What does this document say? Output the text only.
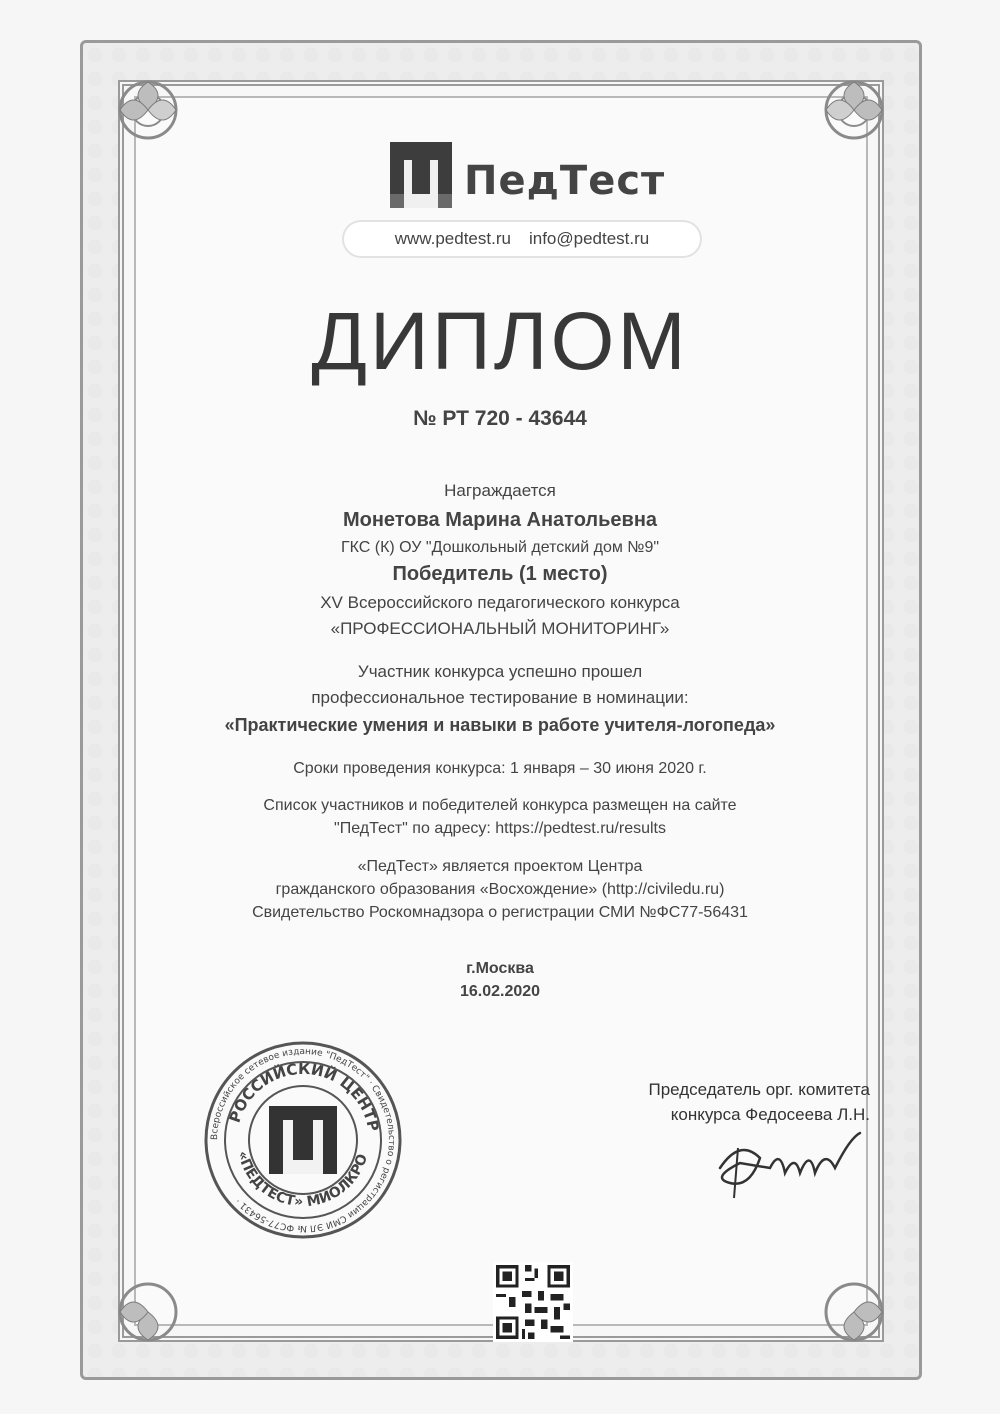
ПедТест
www.pedtest.ru info@pedtest.ru
ДИПЛОМ
№ РТ 720 - 43644
Награждается
Монетова Марина Анатольевна
ГКС (К) ОУ "Дошкольный детский дом №9"
Победитель (1 место)
XV Всероссийского педагогического конкурса
«ПРОФЕССИОНАЛЬНЫЙ МОНИТОРИНГ»
Участник конкурса успешно прошел
профессиональное тестирование в номинации:
«Практические умения и навыки в работе учителя-логопеда»
Сроки проведения конкурса: 1 января – 30 июня 2020 г.
Список участников и победителей конкурса размещен на сайте
"ПедТест" по адресу: https://pedtest.ru/results
«ПедТест» является проектом Центра
гражданского образования «Восхождение» (http://civiledu.ru)
Свидетельство Роскомнадзора о регистрации СМИ №ФС77-56431
г.Москва
16.02.2020
Всероссийское сетевое издание "ПедТест" · Свидетельство о регистрации СМИ ЭЛ № ФС77-56431 ·
РОССИЙСКИЙ ЦЕНТР
«ПЕДТЕСТ» МИОЛКРО
Председатель орг. комитета
конкурса Федосеева Л.Н.
